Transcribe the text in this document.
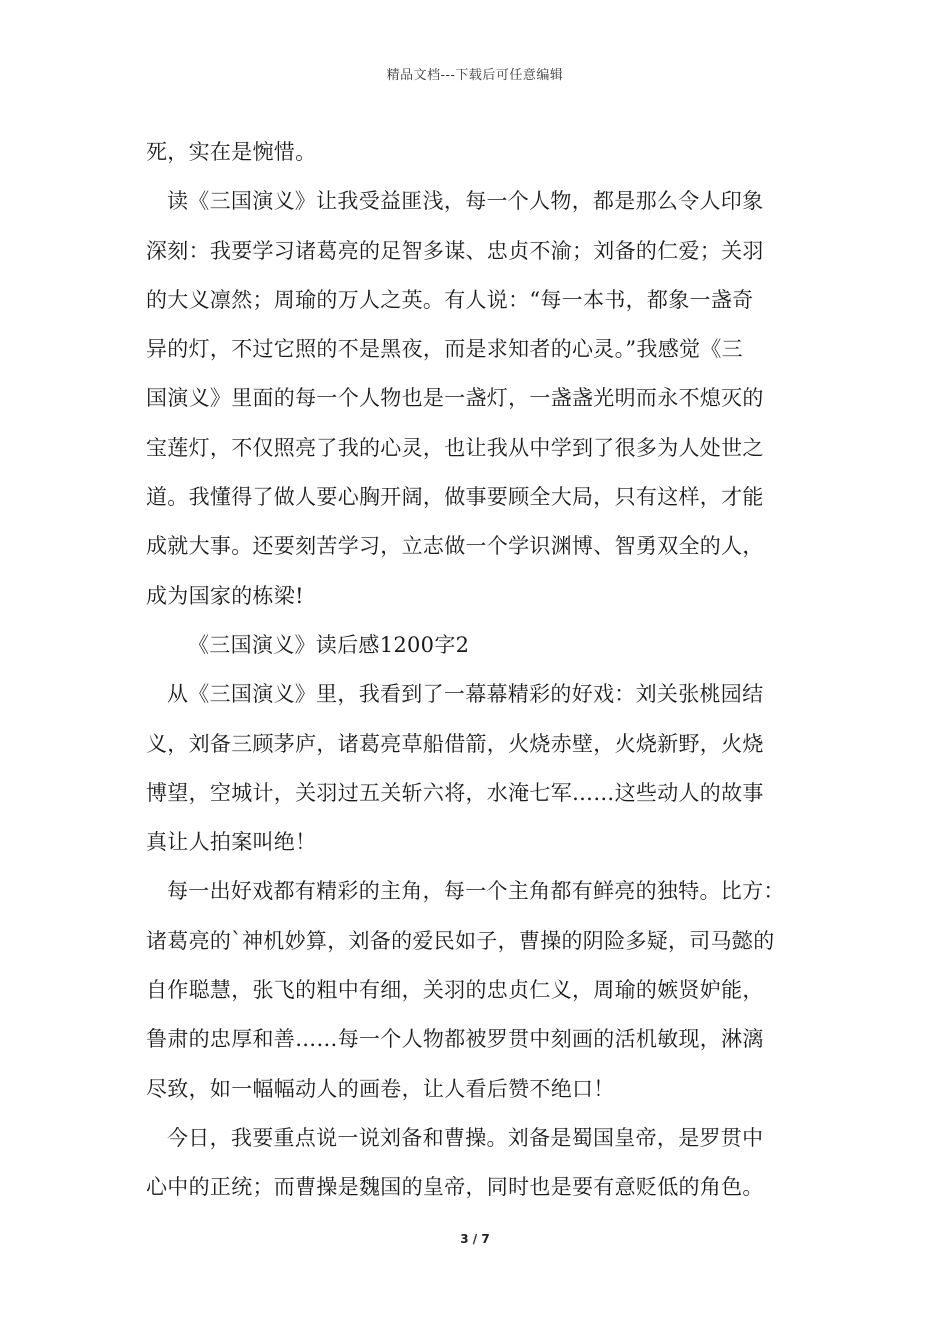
精品文档---下载后可任意编辑
死，实在是惋惜。
读《三国演义》让我受益匪浅，每一个人物，都是那么令人印象
深刻：我要学习诸葛亮的足智多谋、忠贞不渝；刘备的仁爱；关羽
的大义凛然；周瑜的万人之英。有人说：“每一本书，都象一盏奇
异的灯，不过它照的不是黑夜，而是求知者的心灵。”我感觉《三
国演义》里面的每一个人物也是一盏灯，一盏盏光明而永不熄灭的
宝莲灯，不仅照亮了我的心灵，也让我从中学到了很多为人处世之
道。我懂得了做人要心胸开阔，做事要顾全大局，只有这样，才能
成就大事。还要刻苦学习，立志做一个学识渊博、智勇双全的人，
成为国家的栋梁!
《三国演义》读后感1200字2
从《三国演义》里，我看到了一幕幕精彩的好戏：刘关张桃园结
义，刘备三顾茅庐，诸葛亮草船借箭，火烧赤壁，火烧新野，火烧
博望，空城计，关羽过五关斩六将，水淹七军……这些动人的故事
真让人拍案叫绝！
每一出好戏都有精彩的主角，每一个主角都有鲜亮的独特。比方：
诸葛亮的`神机妙算，刘备的爱民如子，曹操的阴险多疑，司马懿的
自作聪慧，张飞的粗中有细，关羽的忠贞仁义，周瑜的嫉贤妒能，
鲁肃的忠厚和善……每一个人物都被罗贯中刻画的活机敏现，淋漓
尽致，如一幅幅动人的画卷，让人看后赞不绝口！
今日，我要重点说一说刘备和曹操。刘备是蜀国皇帝，是罗贯中
心中的正统；而曹操是魏国的皇帝，同时也是要有意贬低的角色。
3 / 7
